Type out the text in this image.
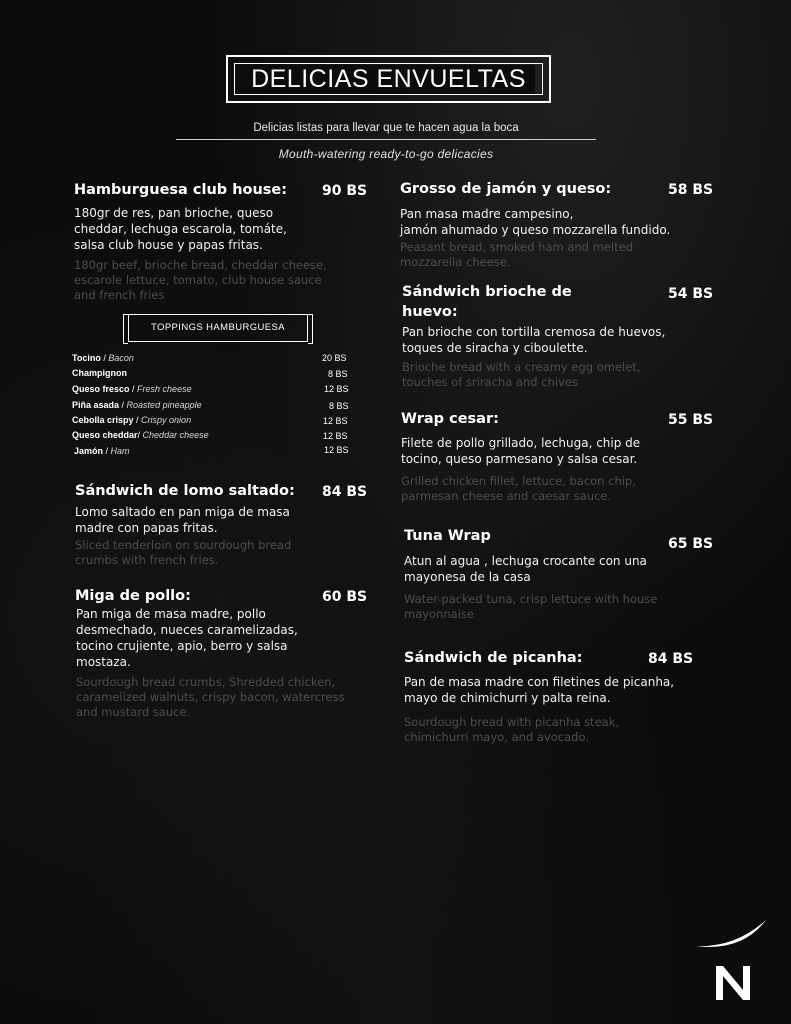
DELICIAS ENVUELTAS
Delicias listas para llevar que te hacen agua la boca
Mouth-watering ready-to-go delicacies
Hamburguesa club house: 90 BS
180gr de res, pan brioche, queso
cheddar, lechuga escarola, tomáte,
salsa club house y papas fritas.
180gr beef, brioche bread, cheddar cheese,
escarole lettuce, tomato, club house sauce
and french fries
TOPPINGS HAMBURGUESA
Tocino / Bacon	20 BS
Champignon	8 BS
Queso fresco / Fresh cheese	12 BS
Piña asada / Roasted pineapple	8 BS
Cebolla crispy / Crispy onion	12 BS
Queso cheddar/ Cheddar cheese	12 BS
Jamón / Ham	12 BS
Sándwich de lomo saltado: 84 BS
Lomo saltado en pan miga de masa
madre con papas fritas.
Sliced tenderloin on sourdough bread
crumbs with french fries.
Miga de pollo:	60 BS
Pan miga de masa madre, pollo
desmechado, nueces caramelizadas,
tocino crujiente, apio, berro y salsa
mostaza.
Sourdough bread crumbs, Shredded chicken,
caramelized walnuts, crispy bacon, watercress
and mustard sauce.
Grosso de jamón y queso:	58 BS
Pan masa madre campesino,
jamón ahumado y queso mozzarella fundido.
Peasant bread, smoked ham and melted
mozzarella cheese.
Sándwich brioche de
huevo:
54 BS
Pan brioche con tortilla cremosa de huevos,
toques de siracha y ciboulette.
Brioche bread with a creamy egg omelet,
touches of sriracha and chives
Wrap cesar:	55 BS
Filete de pollo grillado, lechuga, chip de
tocino, queso parmesano y salsa cesar.
Grilled chicken fillet, lettuce, bacon chip,
parmesan cheese and caesar sauce.
Tuna Wrap	65 BS
Atun al agua , lechuga crocante con una
mayonesa de la casa
Water-packed tuna, crisp lettuce with house
mayonnaise
Sándwich de picanha:	84 BS
Pan de masa madre con filetines de picanha,
mayo de chimichurri y palta reina.
Sourdough bread with picanha steak,
chimichurri mayo, and avocado.
